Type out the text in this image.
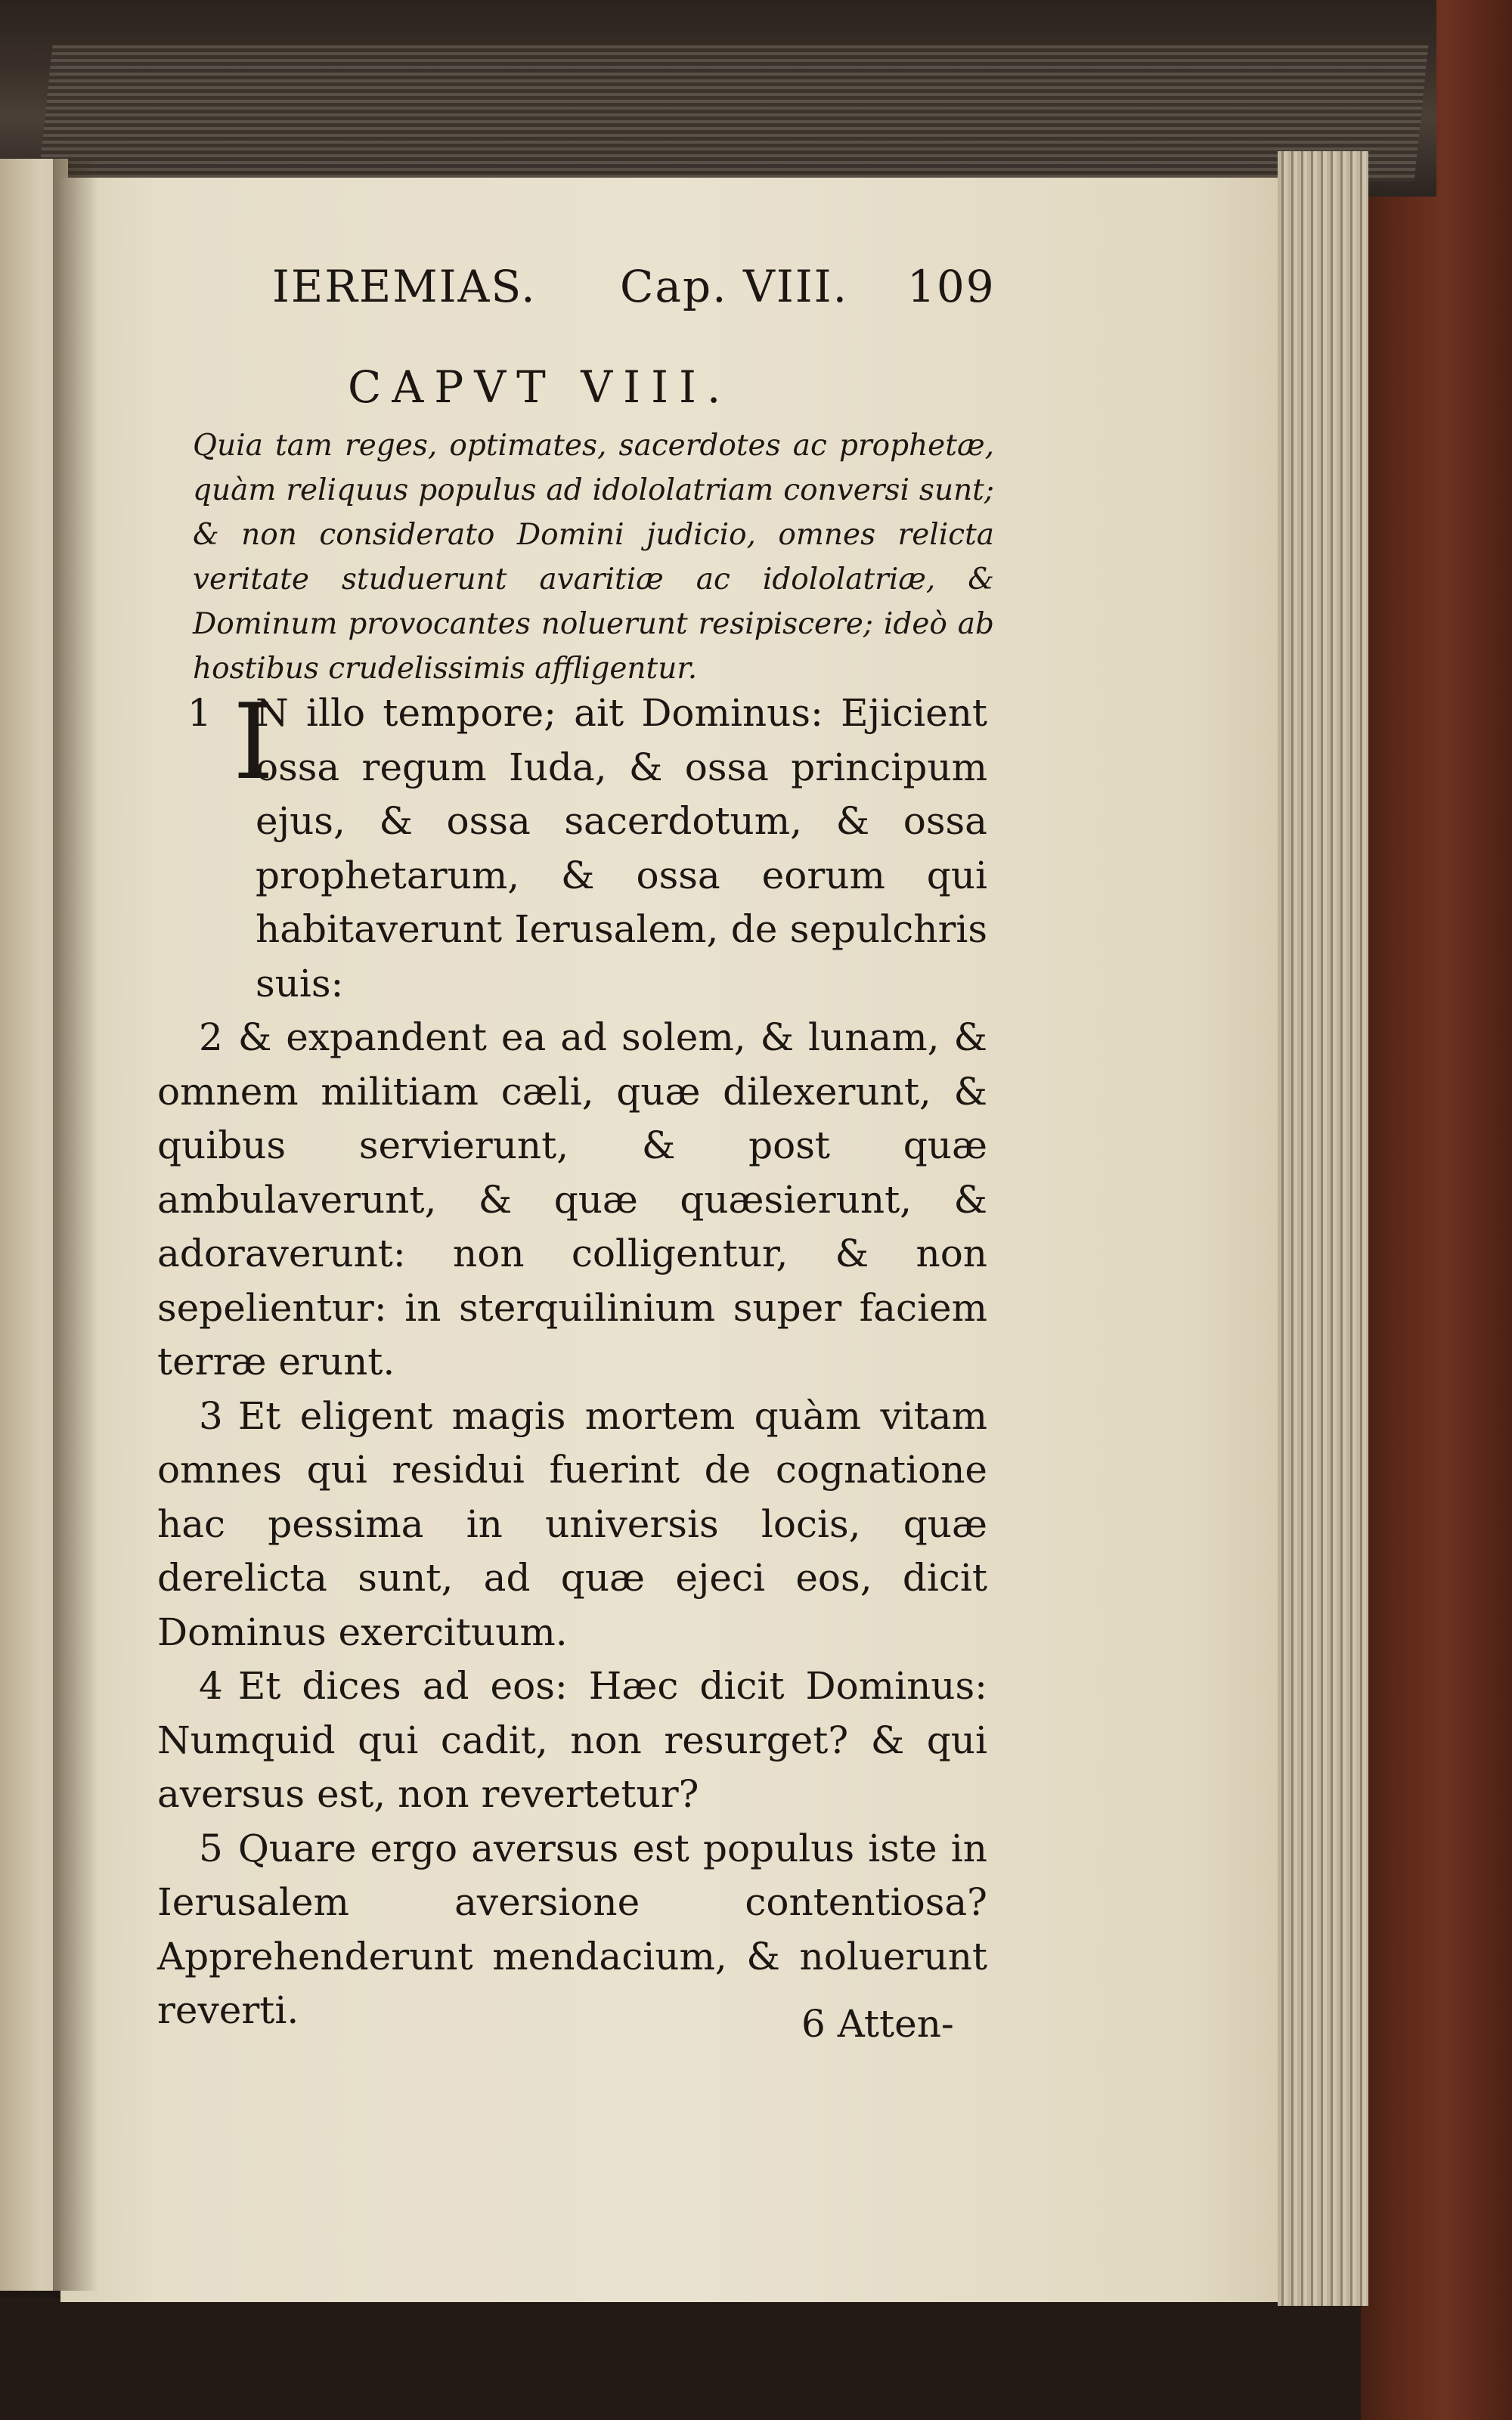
IEREMIAS. Cap. VIII. 109
CAPVT VIII.
Quia tam reges, optimates, sacerdotes ac prophetæ, quàm reliquus populus ad idololatriam conversi sunt; & non considerato Domini judicio, omnes relicta veritate studuerunt avaritiæ ac idololatriæ, & Dominum provocantes noluerunt resipiscere; ideò ab hostibus crudelissimis affligentur.

1 I
N illo tempore; ait Dominus: Ejicient ossa regum Iuda, & ossa principum ejus, & ossa sacerdotum, & ossa prophetarum, & ossa eorum qui habitaverunt Ierusalem, de sepulchris suis:

2 & expandent ea ad solem, & lunam, & omnem militiam cæli, quæ dilexerunt, & quibus servierunt, & post quæ ambulaverunt, & quæ quæsierunt, & adoraverunt: non colligentur, & non sepelientur: in sterquilinium super faciem terræ erunt.

3 Et eligent magis mortem quàm vitam omnes qui residui fuerint de cognatione hac pessima in universis locis, quæ derelicta sunt, ad quæ ejeci eos, dicit Dominus exercituum.

4 Et dices ad eos: Hæc dicit Dominus: Numquid qui cadit, non resurget? & qui aversus est, non revertetur?

5 Quare ergo aversus est populus iste in Ierusalem aversione contentiosa? Apprehenderunt mendacium, & noluerunt reverti.	6 Atten-
